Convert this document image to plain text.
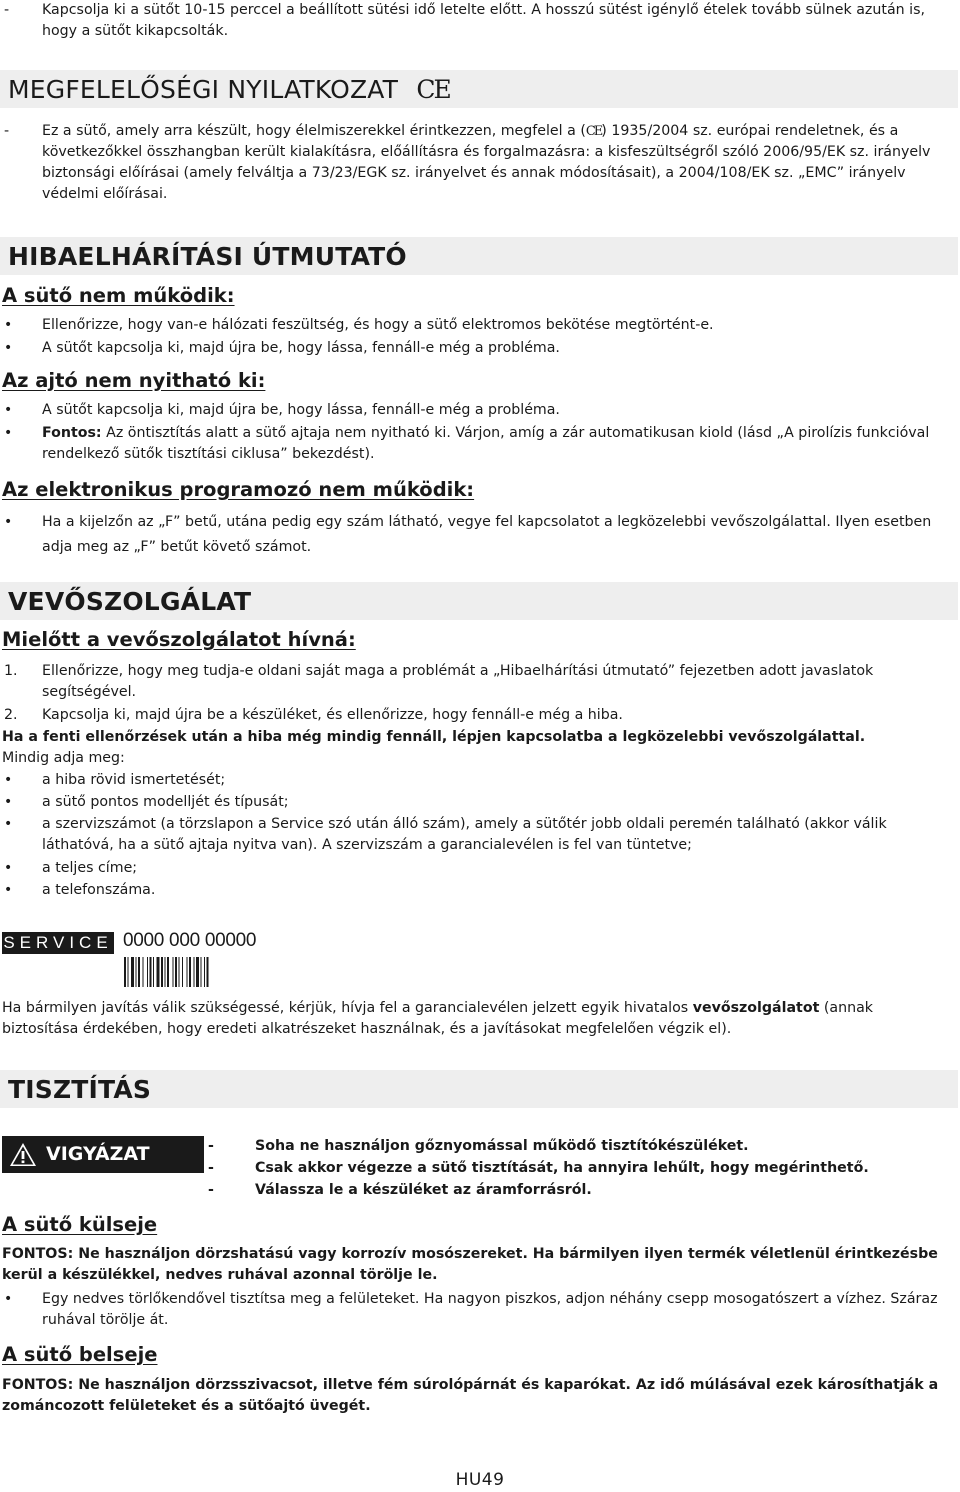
-	Kapcsolja ki a sütőt 10-15 perccel a beállított sütési idő letelte előtt. A hosszú sütést igénylő ételek tovább sülnek azután is, hogy a sütőt kikapcsolták.
MEGFELELŐSÉGI NYILATKOZAT CE
-	Ez a sütő, amely arra készült, hogy élelmiszerekkel érintkezzen, megfelel a (CE) 1935/2004 sz. európai rendeletnek, és a következőkkel összhangban került kialakításra, előállításra és forgalmazásra: a kisfeszültségről szóló 2006/95/EK sz. irányelv biztonsági előírásai (amely felváltja a 73/23/EGK sz. irányelvet és annak módosításait), a 2004/108/EK sz. „EMC” irányelv védelmi előírásai.
HIBAELHÁRÍTÁSI ÚTMUTATÓ
A sütő nem működik:
•	Ellenőrizze, hogy van-e hálózati feszültség, és hogy a sütő elektromos bekötése megtörtént-e.
•	A sütőt kapcsolja ki, majd újra be, hogy lássa, fennáll-e még a probléma.
Az ajtó nem nyitható ki:
•	A sütőt kapcsolja ki, majd újra be, hogy lássa, fennáll-e még a probléma.
•	Fontos: Az öntisztítás alatt a sütő ajtaja nem nyitható ki. Várjon, amíg a zár automatikusan kiold (lásd „A pirolízis funkcióval rendelkező sütők tisztítási ciklusa” bekezdést).
Az elektronikus programozó nem működik:
•	Ha a kijelzőn az „F” betű, utána pedig egy szám látható, vegye fel kapcsolatot a legközelebbi vevőszolgálattal. Ilyen esetben adja meg az „F” betűt követő számot.
VEVŐSZOLGÁLAT
Mielőtt a vevőszolgálatot hívná:
1.	Ellenőrizze, hogy meg tudja-e oldani saját maga a problémát a „Hibaelhárítási útmutató” fejezetben adott javaslatok segítségével.
2.	Kapcsolja ki, majd újra be a készüléket, és ellenőrizze, hogy fennáll-e még a hiba.
Ha a fenti ellenőrzések után a hiba még mindig fennáll, lépjen kapcsolatba a legközelebbi vevőszolgálattal.
Mindig adja meg:
•	a hiba rövid ismertetését;
•	a sütő pontos modelljét és típusát;
•	a szervizszámot (a törzslapon a Service szó után álló szám), amely a sütőtér jobb oldali peremén található (akkor válik láthatóvá, ha a sütő ajtaja nyitva van). A szervizszám a garancialevélen is fel van tüntetve;
•	a teljes címe;
•	a telefonszáma.
SERVICE 0000 000 00000
Ha bármilyen javítás válik szükségessé, kérjük, hívja fel a garancialevélen jelzett egyik hivatalos vevőszolgálatot (annak biztosítása érdekében, hogy eredeti alkatrészeket használnak, és a javításokat megfelelően végzik el).
TISZTÍTÁS
VIGYÁZAT	-	Soha ne használjon gőznyomással működő tisztítókészüléket.
-	Csak akkor végezze a sütő tisztítását, ha annyira lehűlt, hogy megérinthető.
-	Válassza le a készüléket az áramforrásról.
A sütő külseje
FONTOS: Ne használjon dörzshatású vagy korrozív mosószereket. Ha bármilyen ilyen termék véletlenül érintkezésbe kerül a készülékkel, nedves ruhával azonnal törölje le.
•	Egy nedves törlőkendővel tisztítsa meg a felületeket. Ha nagyon piszkos, adjon néhány csepp mosogatószert a vízhez. Száraz ruhával törölje át.
A sütő belseje
FONTOS: Ne használjon dörzsszivacsot, illetve fém súrolópárnát és kaparókat. Az idő múlásával ezek károsíthatják a zománcozott felületeket és a sütőajtó üvegét.
HU49
